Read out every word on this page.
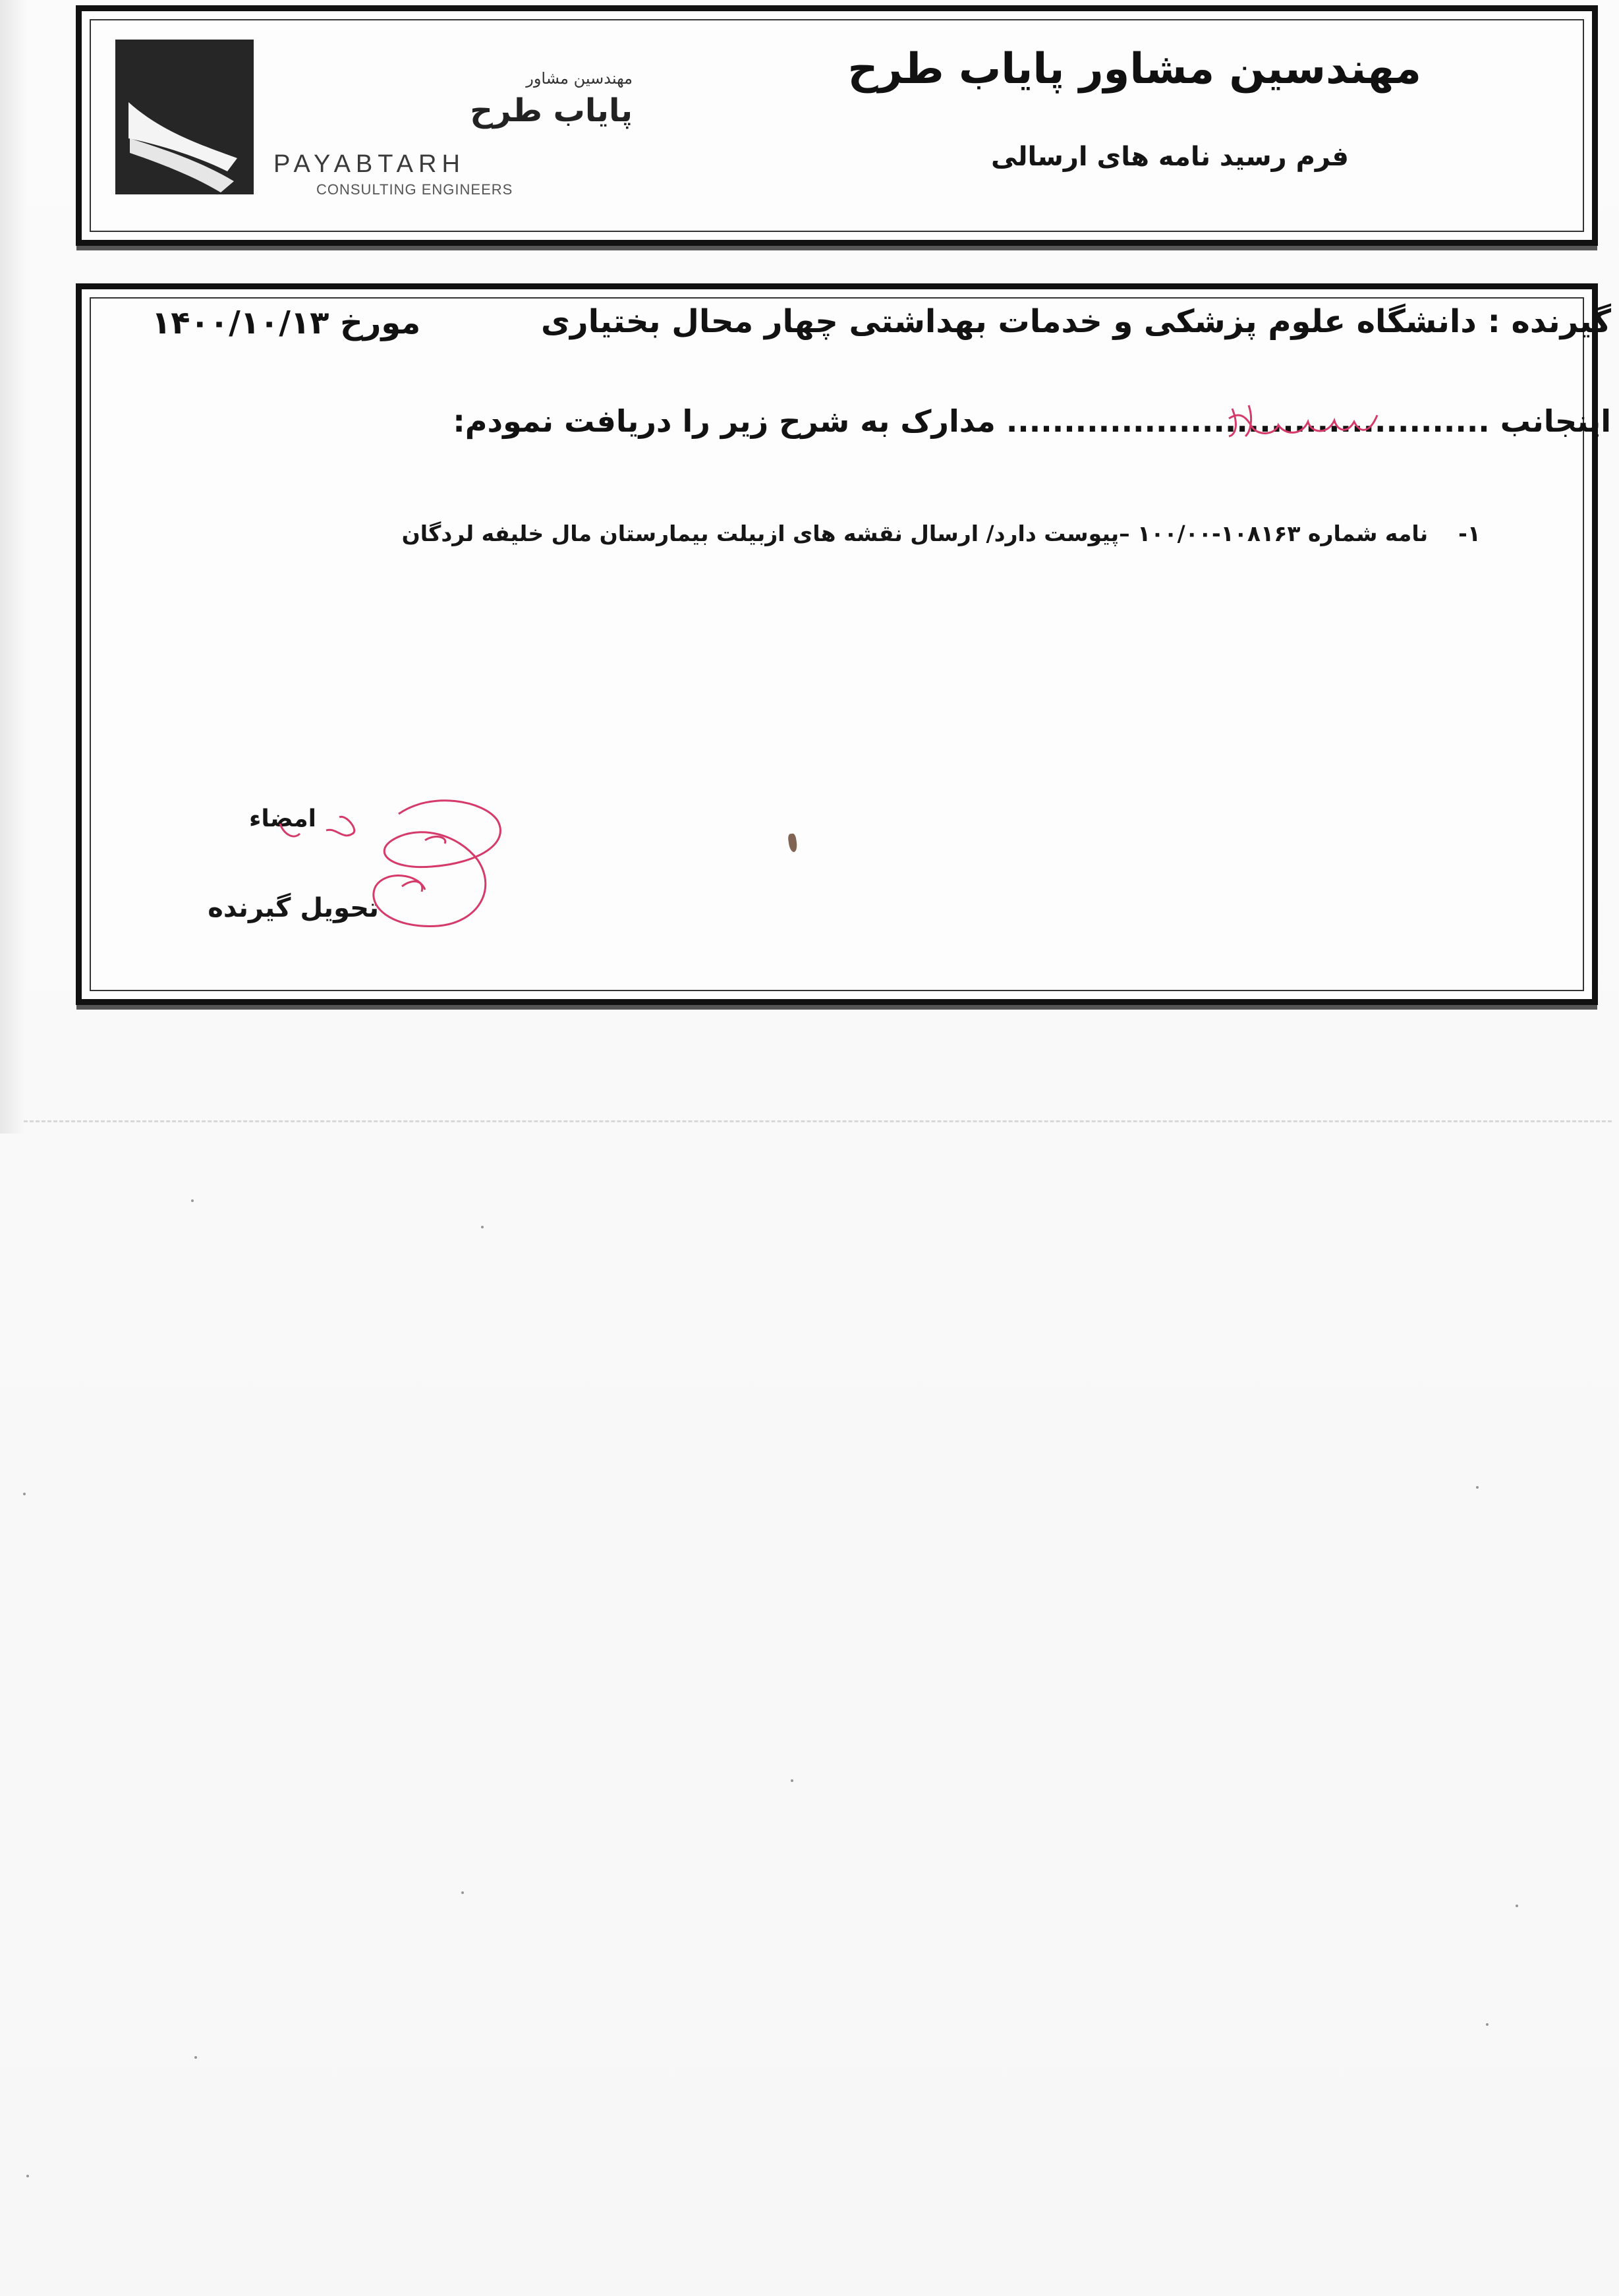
مهندسین مشاور
پایاب طرح
PAYABTARH
CONSULTING ENGINEERS
مهندسین مشاور پایاب طرح
فرم رسید نامه های ارسالی
گیرنده : دانشگاه علوم پزشکی و خدمات بهداشتی چهار محال بختیاری
مورخ ۱۴۰۰/۱۰/۱۳
اینجانب .......................................... مدارک به شرح زیر را دریافت نمودم:
۱-    نامه شماره ۱۰۸۱۶۳-۱۰۰/۰۰ –پیوست دارد/ ارسال نقشه های ازبیلت بیمارستان مال خلیفه لردگان
امضاء
تحویل گیرنده
